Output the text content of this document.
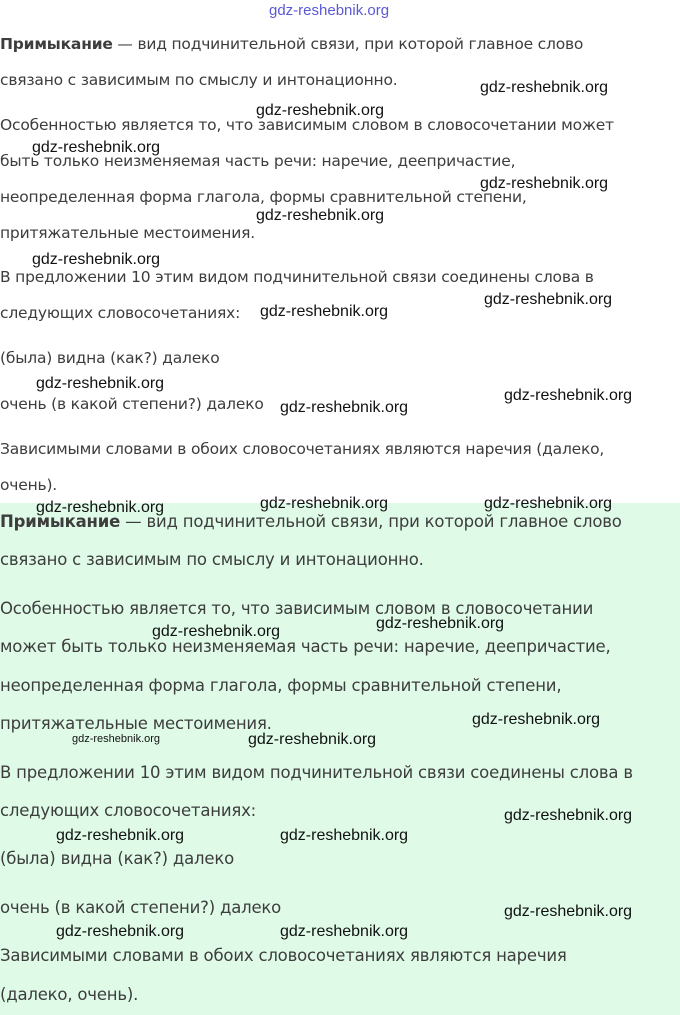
Примыкание — вид подчинительной связи, при которой главное слово
связано с зависимым по смыслу и интонационно.
Особенностью является то, что зависимым словом в словосочетании может
быть только неизменяемая часть речи: наречие, деепричастие,
неопределенная форма глагола, формы сравнительной степени,
притяжательные местоимения.
В предложении 10 этим видом подчинительной связи соединены слова в
следующих словосочетаниях:
(была) видна (как?) далеко
очень (в какой степени?) далеко
Зависимыми словами в обоих словосочетаниях являются наречия (далеко,
очень).
Примыкание — вид подчинительной связи, при которой главное слово
связано с зависимым по смыслу и интонационно.
Особенностью является то, что зависимым словом в словосочетании
может быть только неизменяемая часть речи: наречие, деепричастие,
неопределенная форма глагола, формы сравнительной степени,
притяжательные местоимения.
В предложении 10 этим видом подчинительной связи соединены слова в
следующих словосочетаниях:
(была) видна (как?) далеко
очень (в какой степени?) далеко
Зависимыми словами в обоих словосочетаниях являются наречия
(далеко, очень).
gdz-reshebnik.org
gdz-reshebnik.org
gdz-reshebnik.org
gdz-reshebnik.org
gdz-reshebnik.org
gdz-reshebnik.org
gdz-reshebnik.org
gdz-reshebnik.org
gdz-reshebnik.org
gdz-reshebnik.org
gdz-reshebnik.org
gdz-reshebnik.org
gdz-reshebnik.org	gdz-reshebnik.org	gdz-reshebnik.org
gdz-reshebnik.org
gdz-reshebnik.org
gdz-reshebnik.org
gdz-reshebnik.org	gdz-reshebnik.org
gdz-reshebnik.org
gdz-reshebnik.org	gdz-reshebnik.org
gdz-reshebnik.org
gdz-reshebnik.org	gdz-reshebnik.org
